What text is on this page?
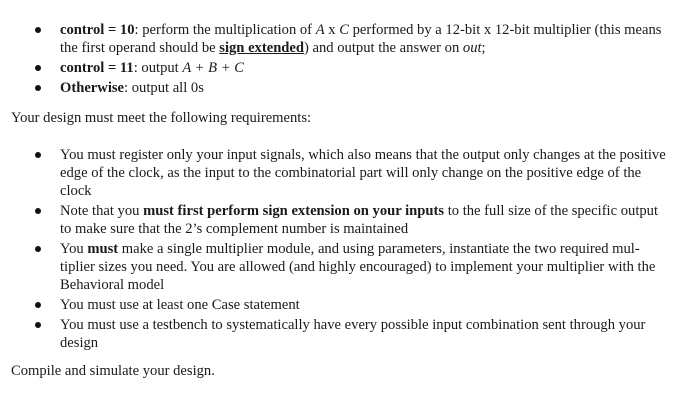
control = 10: perform the multiplication of A x C performed by a 12-bit x 12-bit multiplier (this means the first operand should be sign extended) and output the answer on out;
control = 11: output A + B + C
Otherwise: output all 0s
Your design must meet the following requirements:
You must register only your input signals, which also means that the output only changes at the positive edge of the clock, as the input to the combinatorial part will only change on the positive edge of the clock
Note that you must first perform sign extension on your inputs to the full size of the specific output to make sure that the 2’s complement number is maintained
You must make a single multiplier module, and using parameters, instantiate the two required mul-tiplier sizes you need. You are allowed (and highly encouraged) to implement your multiplier with the Behavioral model
You must use at least one Case statement
You must use a testbench to systematically have every possible input combination sent through your design
Compile and simulate your design.
